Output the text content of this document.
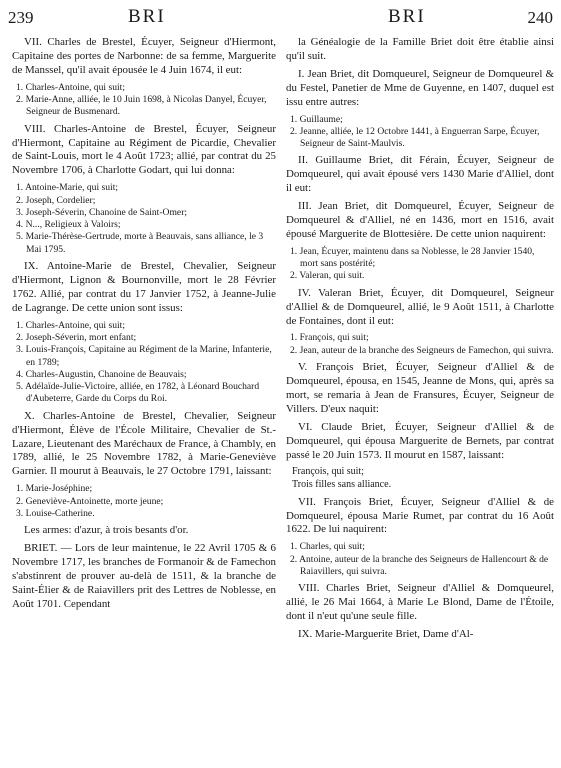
239	BRI	BRI	240

VII. Charles de Brestel, Écuyer, Seigneur d'Hiermont, Capitaine des portes de Narbonne: de sa femme, Marguerite de Manssel, qu'il avait épousée le 4 Juin 1674, il eut:

1. Charles-Antoine, qui suit;
2. Marie-Anne, alliée, le 10 Juin 1698, à Nicolas Danyel, Écuyer, Seigneur de Busmenard.

VIII. Charles-Antoine de Brestel, Écuyer, Seigneur d'Hiermont, Capitaine au Régiment de Picardie, Chevalier de Saint-Louis, mort le 4 Août 1723; allié, par contrat du 25 Novembre 1706, à Charlotte Godart, qui lui donna:

1. Antoine-Marie, qui suit;
2. Joseph, Cordelier;
3. Joseph-Séverin, Chanoine de Saint-Omer;
4. N..., Religieux à Valoirs;
5. Marie-Thérèse-Gertrude, morte à Beauvais, sans alliance, le 3 Mai 1795.

IX. Antoine-Marie de Brestel, Chevalier, Seigneur d'Hiermont, Lignon & Bournonville, mort le 28 Février 1762. Allié, par contrat du 17 Janvier 1752, à Jeanne-Julie de Lagrange. De cette union sont issus:

1. Charles-Antoine, qui suit;
2. Joseph-Séverin, mort enfant;
3. Louis-François, Capitaine au Régiment de la Marine, Infanterie, en 1789;
4. Charles-Augustin, Chanoine de Beauvais;
5. Adélaïde-Julie-Victoire, alliée, en 1782, à Léonard Bouchard d'Aubeterre, Garde du Corps du Roi.

X. Charles-Antoine de Brestel, Chevalier, Seigneur d'Hiermont, Élève de l'École Militaire, Chevalier de St.-Lazare, Lieutenant des Maréchaux de France, à Chambly, en 1789, allié, le 25 Novembre 1782, à Marie-Geneviève Garnier. Il mourut à Beauvais, le 27 Octobre 1791, laissant:

1. Marie-Joséphine;
2. Geneviève-Antoinette, morte jeune;
3. Louise-Catherine.

Les armes: d'azur, à trois besants d'or.

BRIET. — Lors de leur maintenue, le 22 Avril 1705 & 6 Novembre 1717, les branches de Formanoir & de Famechon s'abstinrent de prouver au-delà de 1511, & la branche de Saint-Élier & de Raiavillers prit des Lettres de Noblesse, en Août 1701. Cependant

la Généalogie de la Famille Briet doit être établie ainsi qu'il suit.

I. Jean Briet, dit Domqueurel, Seigneur de Domqueurel & du Festel, Panetier de Mme de Guyenne, en 1407, duquel est issu entre autres:

1. Guillaume;
2. Jeanne, alliée, le 12 Octobre 1441, à Enguerran Sarpe, Écuyer, Seigneur de Saint-Maulvis.

II. Guillaume Briet, dit Férain, Écuyer, Seigneur de Domqueurel, qui avait épousé vers 1430 Marie d'Alliel, dont il eut:

III. Jean Briet, dit Domqueurel, Écuyer, Seigneur de Domqueurel & d'Alliel, né en 1436, mort en 1516, avait épousé Marguerite de Blottesière. De cette union naquirent:

1. Jean, Écuyer, maintenu dans sa Noblesse, le 28 Janvier 1540, mort sans postérité;
2. Valeran, qui suit.

IV. Valeran Briet, Écuyer, dit Domqueurel, Seigneur d'Alliel & de Domqueurel, allié, le 9 Août 1511, à Charlotte de Fontaines, dont il eut:

1. François, qui suit;
2. Jean, auteur de la branche des Seigneurs de Famechon, qui suivra.

V. François Briet, Écuyer, Seigneur d'Alliel & de Domqueurel, épousa, en 1545, Jeanne de Mons, qui, après sa mort, se remaria à Jean de Fransures, Écuyer, Seigneur de Villers. D'eux naquit:

VI. Claude Briet, Écuyer, Seigneur d'Alliel & de Domqueurel, qui épousa Marguerite de Bernets, par contrat passé le 20 Juin 1573. Il mourut en 1587, laissant:

François, qui suit;
Trois filles sans alliance.

VII. François Briet, Écuyer, Seigneur d'Alliel & de Domqueurel, épousa Marie Rumet, par contrat du 16 Août 1622. De lui naquirent:

1. Charles, qui suit;
2. Antoine, auteur de la branche des Seigneurs de Hallencourt & de Raiavillers, qui suivra.

VIII. Charles Briet, Seigneur d'Alliel & Domqueurel, allié, le 26 Mai 1664, à Marie Le Blond, Dame de l'Étoile, dont il n'eut qu'une seule fille.

IX. Marie-Marguerite Briet, Dame d'Al-
